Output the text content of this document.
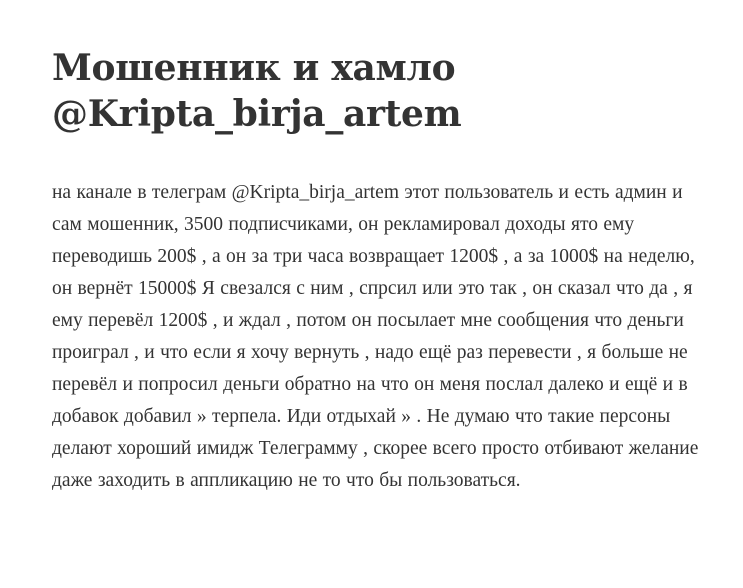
Мошенник и хамло @Kripta_birja_artem

на канале в телеграм @Kripta_birja_artem этот пользователь и есть админ и сам мошенник, 3500 подписчиками, он рекламировал доходы ято ему переводишь 200$ , а он за три часа возвращает 1200$ , а за 1000$ на неделю, он вернёт 15000$ Я свезался с ним , спрсил или это так , он сказал что да , я ему перевёл 1200$ , и ждал , потом он посылает мне сообщения что деньги проиграл , и что если я хочу вернуть , надо ещё раз перевести , я больше не перевёл и попросил деньги обратно на что он меня послал далеко и ещё и в добавок добавил » терпела. Иди отдыхай » . Не думаю что такие персоны делают хороший имидж Телеграмму , скорее всего просто отбивают желание даже заходить в аппликацию не то что бы пользоваться.
